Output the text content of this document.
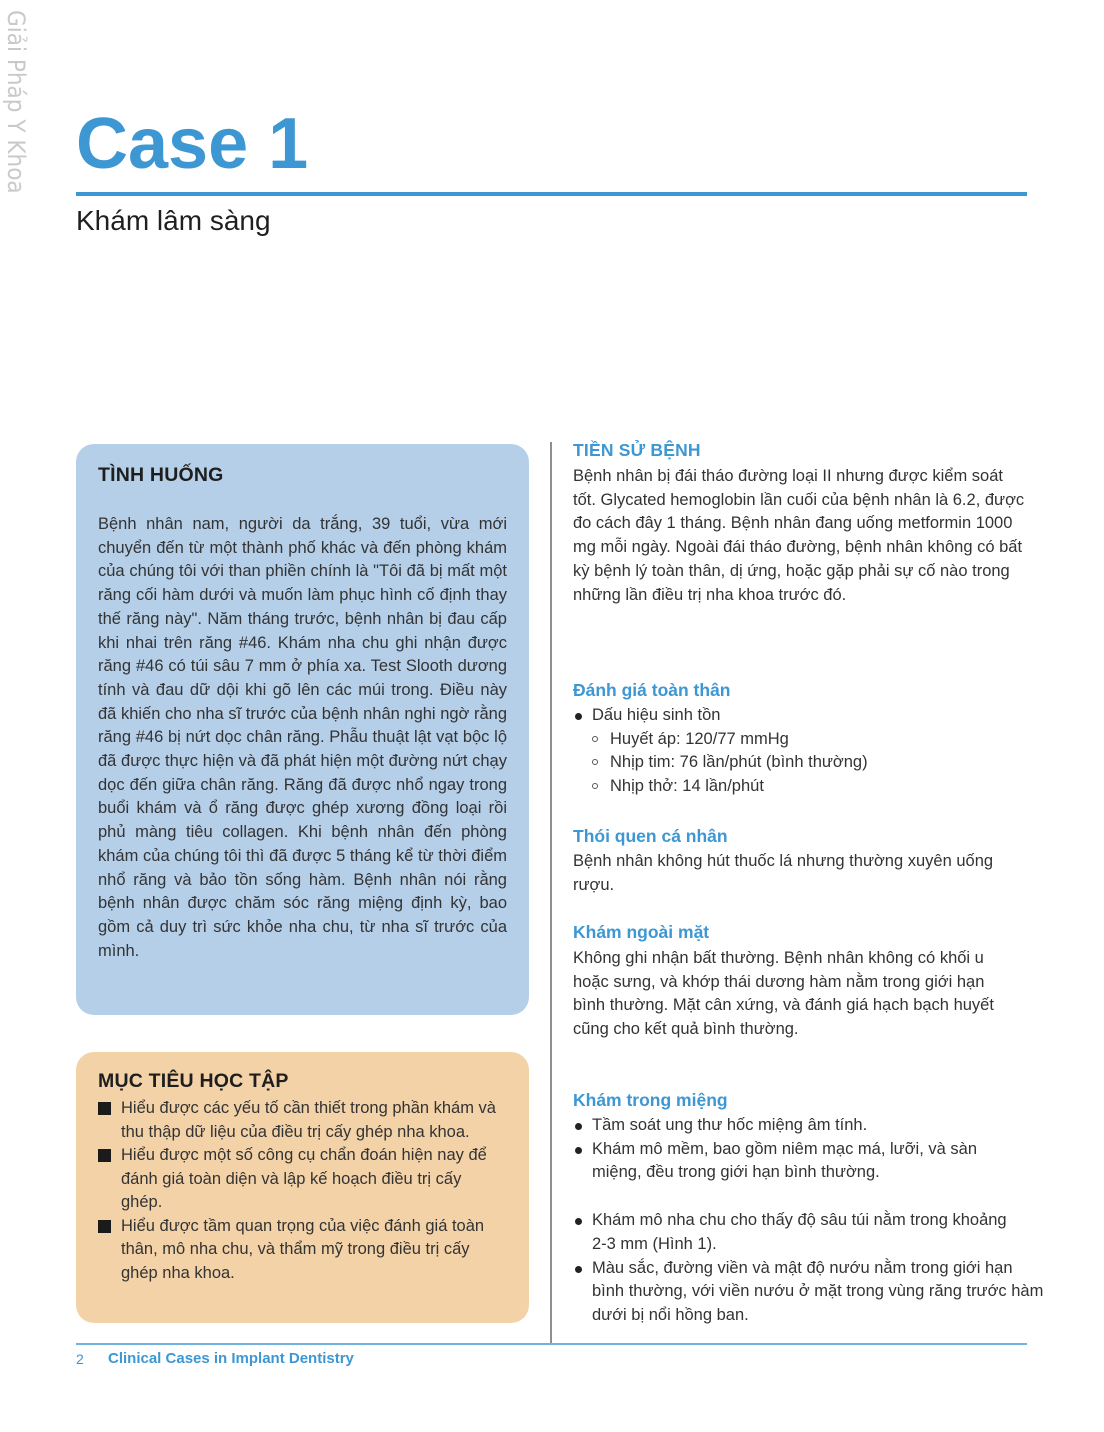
Giải Pháp Y Khoa Case 1
Khám lâm sàng
TÌNH HUỐNG

Bệnh nhân nam, người da trắng, 39 tuổi, vừa mới chuyển đến từ một thành phố khác và đến phòng khám của chúng tôi với than phiền chính là "Tôi đã bị mất một răng cối hàm dưới và muốn làm phục hình cố định thay thế răng này". Năm tháng trước, bệnh nhân bị đau cấp khi nhai trên răng #46. Khám nha chu ghi nhận được răng #46 có túi sâu 7 mm ở phía xa. Test Slooth dương tính và đau dữ dội khi gõ lên các múi trong. Điều này đã khiến cho nha sĩ trước của bệnh nhân nghi ngờ rằng răng #46 bị nứt dọc chân răng. Phẫu thuật lật vạt bộc lộ đã được thực hiện và đã phát hiện một đường nứt chạy dọc đến giữa chân răng. Răng đã được nhổ ngay trong buổi khám và ổ răng được ghép xương đồng loại rồi phủ màng tiêu collagen. Khi bệnh nhân đến phòng khám của chúng tôi thì đã được 5 tháng kể từ thời điểm nhổ răng và bảo tồn sống hàm. Bệnh nhân nói rằng bệnh nhân được chăm sóc răng miệng định kỳ, bao gồm cả duy trì sức khỏe nha chu, từ nha sĩ trước của mình.

MỤC TIÊU HỌC TẬP
Hiểu được các yếu tố cần thiết trong phần khám và thu thập dữ liệu của điều trị cấy ghép nha khoa.
Hiểu được một số công cụ chẩn đoán hiện nay để đánh giá toàn diện và lập kế hoạch điều trị cấy ghép.
Hiểu được tầm quan trọng của việc đánh giá toàn thân, mô nha chu, và thẩm mỹ trong điều trị cấy ghép nha khoa.
TIỀN SỬ BỆNH

Bệnh nhân bị đái tháo đường loại II nhưng được kiểm soát tốt. Glycated hemoglobin lần cuối của bệnh nhân là 6.2, được đo cách đây 1 tháng. Bệnh nhân đang uống metformin 1000 mg mỗi ngày. Ngoài đái tháo đường, bệnh nhân không có bất kỳ bệnh lý toàn thân, dị ứng, hoặc gặp phải sự cố nào trong những lần điều trị nha khoa trước đó.

Đánh giá toàn thân
Dấu hiệu sinh tồn
Huyết áp: 120/77 mmHg
Nhịp tim: 76 lần/phút (bình thường)
Nhịp thở: 14 lần/phút
Thói quen cá nhân

Bệnh nhân không hút thuốc lá nhưng thường xuyên uống rượu.

Khám ngoài mặt

Không ghi nhận bất thường. Bệnh nhân không có khối u hoặc sưng, và khớp thái dương hàm nằm trong giới hạn bình thường. Mặt cân xứng, và đánh giá hạch bạch huyết cũng cho kết quả bình thường.

Khám trong miệng
Tầm soát ung thư hốc miệng âm tính.
Khám mô mềm, bao gồm niêm mạc má, lưỡi, và sàn miệng, đều trong giới hạn bình thường.
Khám mô nha chu cho thấy độ sâu túi nằm trong khoảng 2-3 mm (Hình 1).
Màu sắc, đường viền và mật độ nướu nằm trong giới hạn bình thường, với viền nướu ở mặt trong vùng răng trước hàm dưới bị nổi hồng ban.
2 Clinical Cases in Implant Dentistry
